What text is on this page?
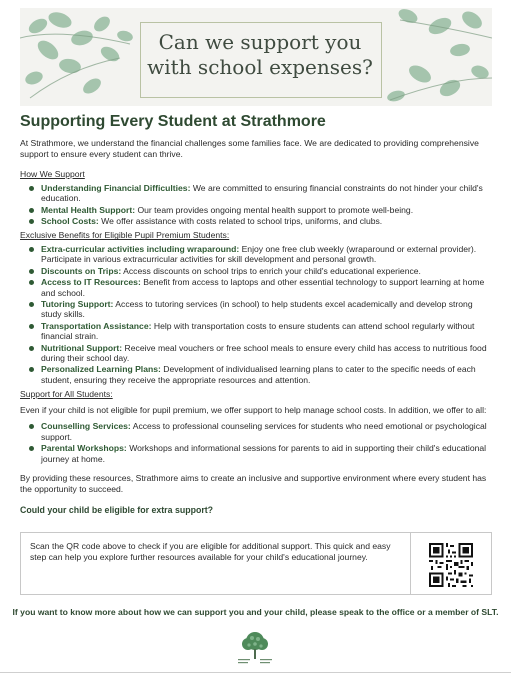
Can we support you
with school expenses?
Supporting Every Student at Strathmore

At Strathmore, we understand the financial challenges some families face. We are dedicated to providing comprehensive support to ensure every student can thrive.

How We Support
Understanding Financial Difficulties: We are committed to ensuring financial constraints do not hinder your child's education.
Mental Health Support: Our team provides ongoing mental health support to promote well-being.
School Costs: We offer assistance with costs related to school trips, uniforms, and clubs.
Exclusive Benefits for Eligible Pupil Premium Students:
Extra-curricular activities including wraparound: Enjoy one free club weekly (wraparound or external provider). Participate in various extracurricular activities for skill development and personal growth.
Discounts on Trips: Access discounts on school trips to enrich your child's educational experience.
Access to IT Resources: Benefit from access to laptops and other essential technology to support learning at home and school.
Tutoring Support: Access to tutoring services (in school) to help students excel academically and develop strong study skills.
Transportation Assistance: Help with transportation costs to ensure students can attend school regularly without financial strain.
Nutritional Support: Receive meal vouchers or free school meals to ensure every child has access to nutritious food during their school day.
Personalized Learning Plans: Development of individualised learning plans to cater to the specific needs of each student, ensuring they receive the appropriate resources and attention.
Support for All Students:

Even if your child is not eligible for pupil premium, we offer support to help manage school costs. In addition, we offer to all:

Counselling Services: Access to professional counseling services for students who need emotional or psychological support.
Parental Workshops: Workshops and informational sessions for parents to aid in supporting their child's educational journey at home.

By providing these resources, Strathmore aims to create an inclusive and supportive environment where every student has the opportunity to succeed.

Could your child be eligible for extra support?
Scan the QR code above to check if you are eligible for additional support. This quick and easy step can help you explore further resources available for your child's educational journey.
If you want to know more about how we can support you and your child, please speak to the office or a member of SLT.
